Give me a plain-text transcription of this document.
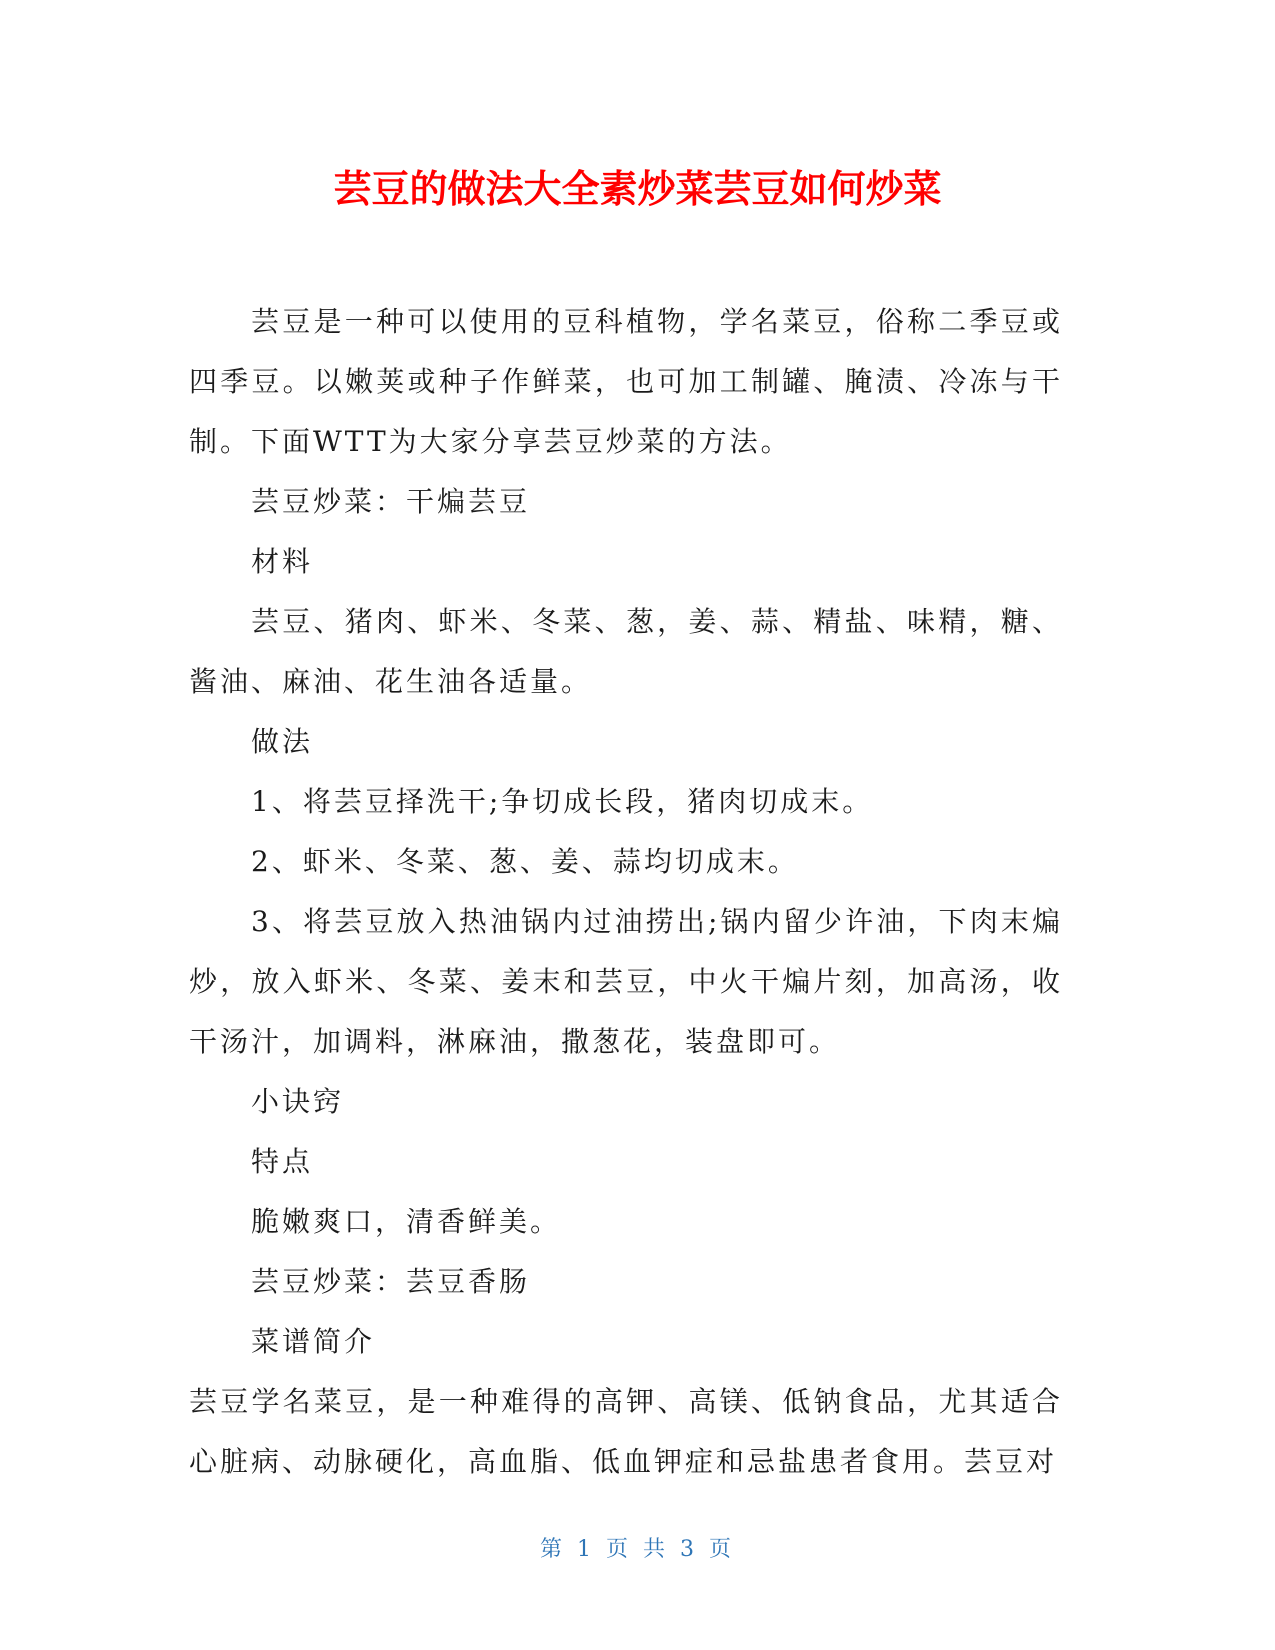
芸豆的做法大全素炒菜芸豆如何炒菜

芸豆是一种可以使用的豆科植物，学名菜豆，俗称二季豆或四季豆。以嫩荚或种子作鲜菜，也可加工制罐、腌渍、冷冻与干制。下面WTT为大家分享芸豆炒菜的方法。

芸豆炒菜：干煸芸豆

材料

芸豆、猪肉、虾米、冬菜、葱，姜、蒜、精盐、味精，糖、酱油、麻油、花生油各适量。

做法

1、将芸豆择洗干;争切成长段，猪肉切成末。

2、虾米、冬菜、葱、姜、蒜均切成末。

3、将芸豆放入热油锅内过油捞出;锅内留少许油，下肉末煸炒，放入虾米、冬菜、姜末和芸豆，中火干煸片刻，加高汤，收干汤汁，加调料，淋麻油，撒葱花，装盘即可。

小诀窍

特点

脆嫩爽口，清香鲜美。

芸豆炒菜：芸豆香肠

菜谱简介

芸豆学名菜豆，是一种难得的高钾、高镁、低钠食品，尤其适合心脏病、动脉硬化，高血脂、低血钾症和忌盐患者食用。芸豆对

第 1 页 共 3 页
